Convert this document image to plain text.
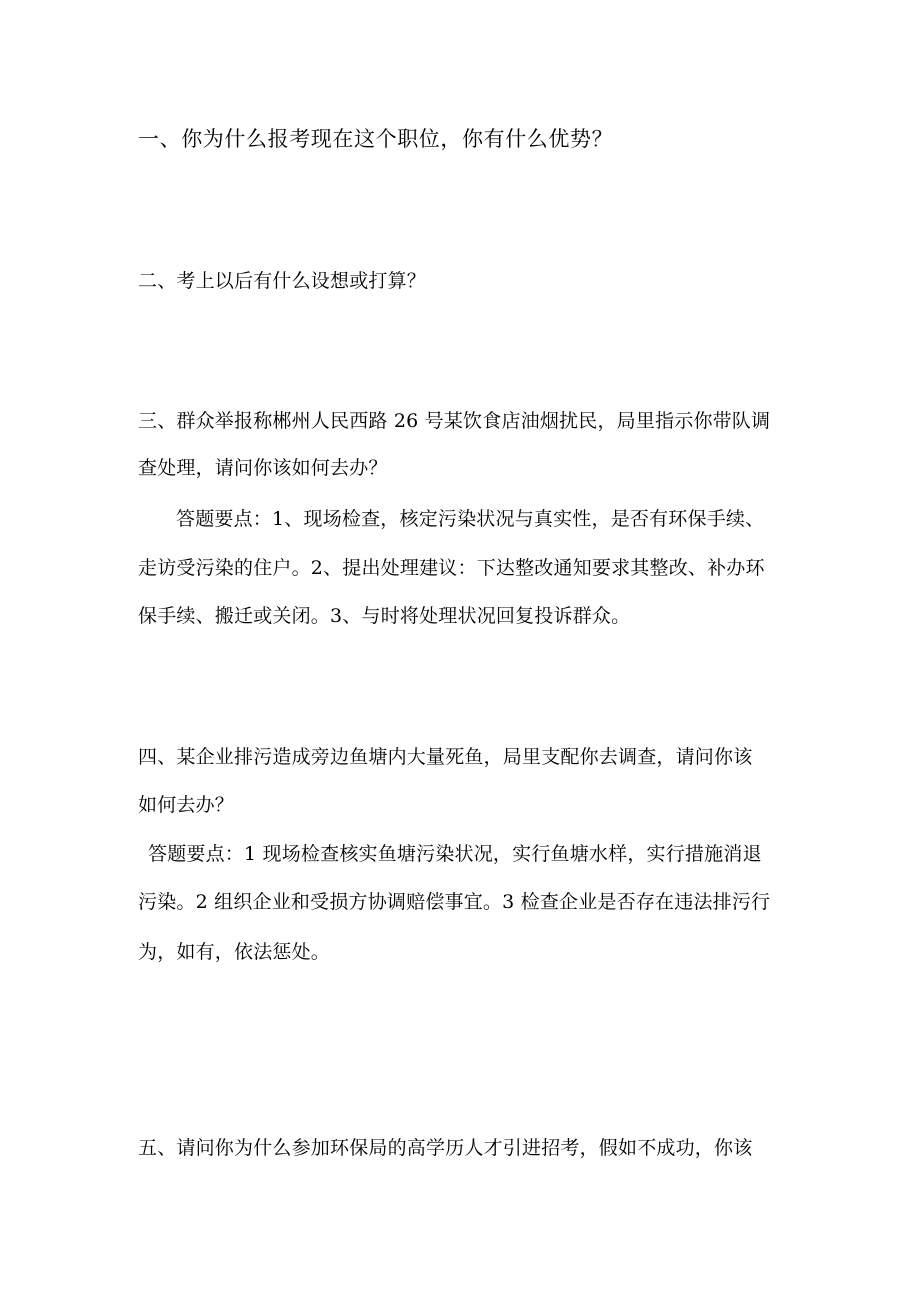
一、你为什么报考现在这个职位，你有什么优势？
二、考上以后有什么设想或打算？
三、群众举报称郴州人民西路 26 号某饮食店油烟扰民，局里指示你带队调
查处理，请问你该如何去办？
答题要点：1、现场检查，核定污染状况与真实性，是否有环保手续、
走访受污染的住户。2、提出处理建议：下达整改通知要求其整改、补办环
保手续、搬迁或关闭。3、与时将处理状况回复投诉群众。
四、某企业排污造成旁边鱼塘内大量死鱼，局里支配你去调查，请问你该
如何去办？
答题要点：1 现场检查核实鱼塘污染状况，实行鱼塘水样，实行措施消退
污染。2 组织企业和受损方协调赔偿事宜。3 检查企业是否存在违法排污行
为，如有，依法惩处。
五、请问你为什么参加环保局的高学历人才引进招考，假如不成功，你该
